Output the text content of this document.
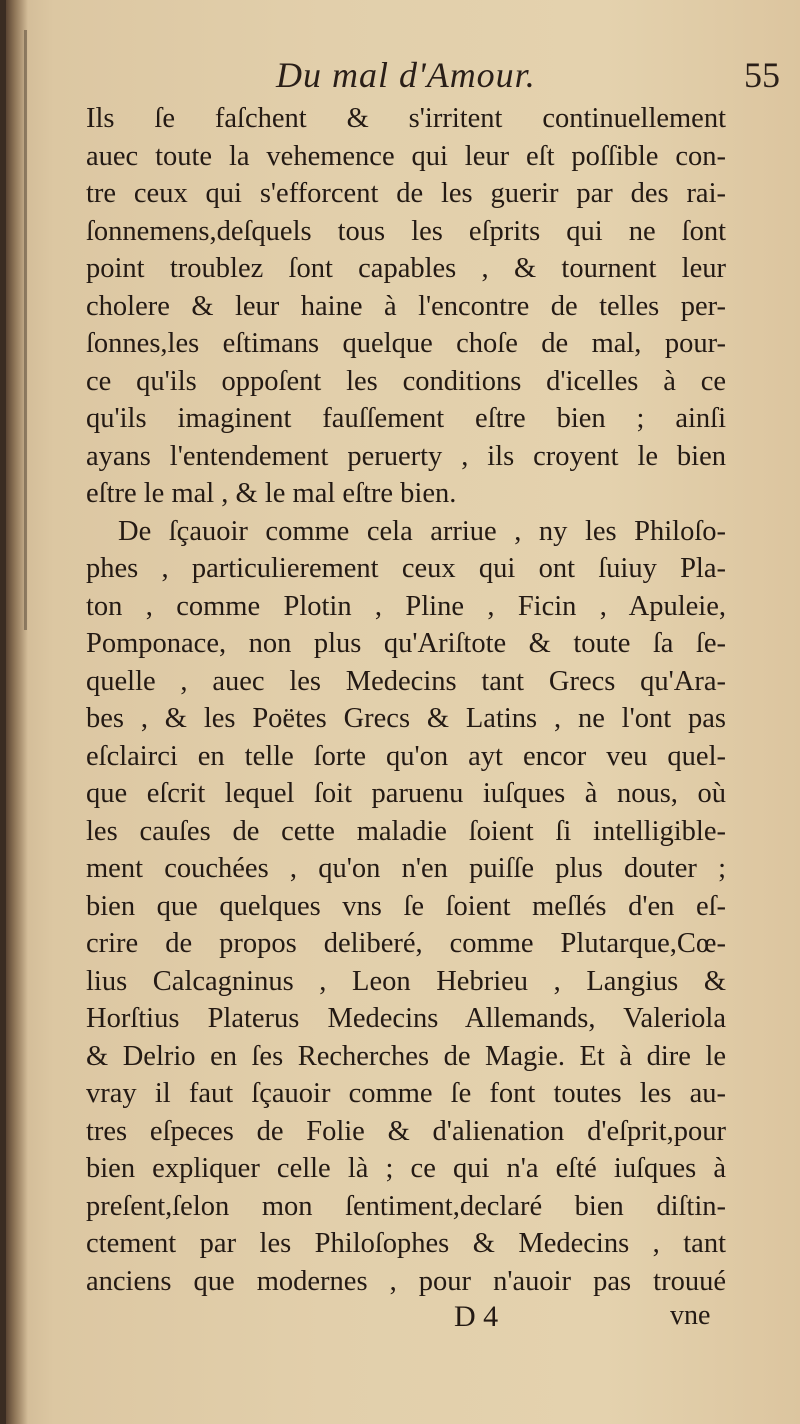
Du mal d'Amour.	55
Ils ſe faſchent & s'irritent continuellement
auec toute la vehemence qui leur eſt poſſible con-
tre ceux qui s'efforcent de les guerir par des rai-
ſonnemens,deſquels tous les eſprits qui ne ſont
point troublez ſont capables , & tournent leur
cholere & leur haine à l'encontre de telles per-
ſonnes,les eſtimans quelque choſe de mal, pour-
ce qu'ils oppoſent les conditions d'icelles à ce
qu'ils imaginent fauſſement eſtre bien ; ainſi
ayans l'entendement peruerty , ils croyent le bien
eſtre le mal , & le mal eſtre bien.
De ſçauoir comme cela arriue , ny les Philoſo-
phes , particulierement ceux qui ont ſuiuy Pla-
ton , comme Plotin , Pline , Ficin , Apuleie,
Pomponace, non plus qu'Ariſtote & toute ſa ſe-
quelle , auec les Medecins tant Grecs qu'Ara-
bes , & les Poëtes Grecs & Latins , ne l'ont pas
eſclairci en telle ſorte qu'on ayt encor veu quel-
que eſcrit lequel ſoit paruenu iuſques à nous, où
les cauſes de cette maladie ſoient ſi intelligible-
ment couchées , qu'on n'en puiſſe plus douter ;
bien que quelques vns ſe ſoient meſlés d'en eſ-
crire de propos deliberé, comme Plutarque,Cœ-
lius Calcagninus , Leon Hebrieu , Langius &
Horſtius Platerus Medecins Allemands, Valeriola
& Delrio en ſes Recherches de Magie. Et à dire le
vray il faut ſçauoir comme ſe font toutes les au-
tres eſpeces de Folie & d'alienation d'eſprit,pour
bien expliquer celle là ; ce qui n'a eſté iuſques à
preſent,ſelon mon ſentiment,declaré bien diſtin-
ctement par les Philoſophes & Medecins , tant
anciens que modernes , pour n'auoir pas trouué
D 4	vne
